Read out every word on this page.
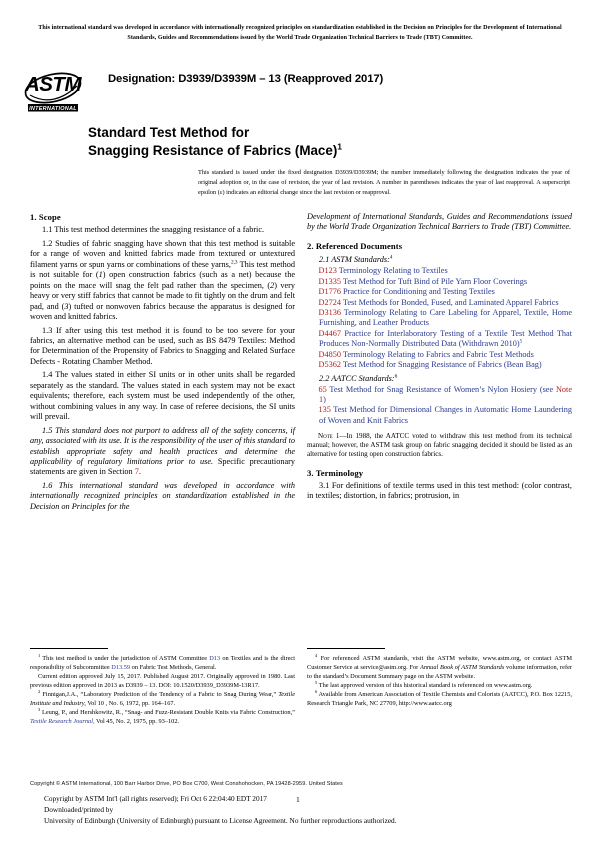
This international standard was developed in accordance with internationally recognized principles on standardization established in the Decision on Principles for the Development of International Standards, Guides and Recommendations issued by the World Trade Organization Technical Barriers to Trade (TBT) Committee.
ASTM
INTERNATIONAL
Designation: D3939/D3939M – 13 (Reapproved 2017)
Standard Test Method for
Snagging Resistance of Fabrics (Mace)$^1$
This standard is issued under the fixed designation D3939/D3939M; the number immediately following the designation indicates the year of original adoption or, in the case of revision, the year of last revision. A number in parentheses indicates the year of last reapproval. A superscript epsilon (ε) indicates an editorial change since the last revision or reapproval.
1. Scope

1.1 This test method determines the snagging resistance of a fabric.

1.2 Studies of fabric snagging have shown that this test method is suitable for a range of woven and knitted fabrics made from textured or untextured filament yarns or spun yarns or combinations of these yarns,$^{2,3}$ This test method is not suitable for (1) open construction fabrics (such as a net) because the points on the mace will snag the felt pad rather than the specimen, (2) very heavy or very stiff fabrics that cannot be made to fit tightly on the drum and felt pad, and (3) tufted or nonwoven fabrics because the apparatus is designed for woven and knitted fabrics.

1.3 If after using this test method it is found to be too severe for your fabrics, an alternative method can be used, such as BS 8479 Textiles: Method for Determination of the Propensity of Fabrics to Snagging and Related Surface Defects - Rotating Chamber Method.

1.4 The values stated in either SI units or in other units shall be regarded separately as the standard. The values stated in each system may not be exact equivalents; therefore, each system must be used independently of the other, without combining values in any way. In case of referee decisions, the SI units will prevail.

1.5 This standard does not purport to address all of the safety concerns, if any, associated with its use. It is the responsibility of the user of this standard to establish appropriate safety and health practices and determine the applicability of regulatory limitations prior to use. Specific precautionary statements are given in Section 7.

1.6 This international standard was developed in accordance with internationally recognized principles on standardization established in the Decision on Principles for the

Development of International Standards, Guides and Recommendations issued by the World Trade Organization Technical Barriers to Trade (TBT) Committee.

2. Referenced Documents
2.1 ASTM Standards:$^4$
D123 Terminology Relating to Textiles
D1335 Test Method for Tuft Bind of Pile Yarn Floor Coverings
D1776 Practice for Conditioning and Testing Textiles
D2724 Test Methods for Bonded, Fused, and Laminated Apparel Fabrics
D3136 Terminology Relating to Care Labeling for Apparel, Textile, Home Furnishing, and Leather Products
D4467 Practice for Interlaboratory Testing of a Textile Test Method That Produces Non-Normally Distributed Data (Withdrawn 2010)$^5$
D4850 Terminology Relating to Fabrics and Fabric Test Methods
D5362 Test Method for Snagging Resistance of Fabrics (Bean Bag)
2.2 AATCC Standards:$^6$
65 Test Method for Snag Resistance of Women’s Nylon Hosiery (see Note 1)
135 Test Method for Dimensional Changes in Automatic Home Laundering of Woven and Knit Fabrics
Note 1—In 1988, the AATCC voted to withdraw this test method from its technical manual; however, the ASTM task group on fabric snagging decided it should be listed as an alternative for testing open construction fabrics.
3. Terminology

3.1 For definitions of textile terms used in this test method: (color contrast, in textiles; distortion, in fabrics; protrusion, in

$^1$ This test method is under the jurisdiction of ASTM Committee D13 on Textiles and is the direct responsibility of Subcommittee D13.59 on Fabric Test Methods, General.

Current edition approved July 15, 2017. Published August 2017. Originally approved in 1980. Last previous edition approved in 2013 as D3939 – 13. DOI: 10.1520/D3939_D3939M-13R17.

$^2$ Finnigan,J.A., “Laboratory Prediction of the Tendency of a Fabric to Snag During Wear,” Textile Institute and Industry, Vol 10 , No. 6, 1972, pp. 164–167.

$^3$ Leung, P., and Hershkowitz, R., “Snag- and Fuzz-Resistant Double Knits via Fabric Construction,” Textile Research Journal, Vol 45, No. 2, 1975, pp. 93–102.

$^4$ For referenced ASTM standards, visit the ASTM website, www.astm.org, or contact ASTM Customer Service at service@astm.org. For Annual Book of ASTM Standards volume information, refer to the standard’s Document Summary page on the ASTM website.

$^5$ The last approved version of this historical standard is referenced on www.astm.org.

$^6$ Available from American Association of Textile Chemists and Colorists (AATCC), P.O. Box 12215, Research Triangle Park, NC 27709, http://www.aatcc.org

Copyright © ASTM International, 100 Barr Harbor Drive, PO Box C700, West Conshohocken, PA 19428-2959. United States
Copyright by ASTM Int'l (all rights reserved); Fri Oct 6 22:04:40 EDT 2017
Downloaded/printed by
University of Edinburgh (University of Edinburgh) pursuant to License Agreement. No further reproductions authorized.
1
